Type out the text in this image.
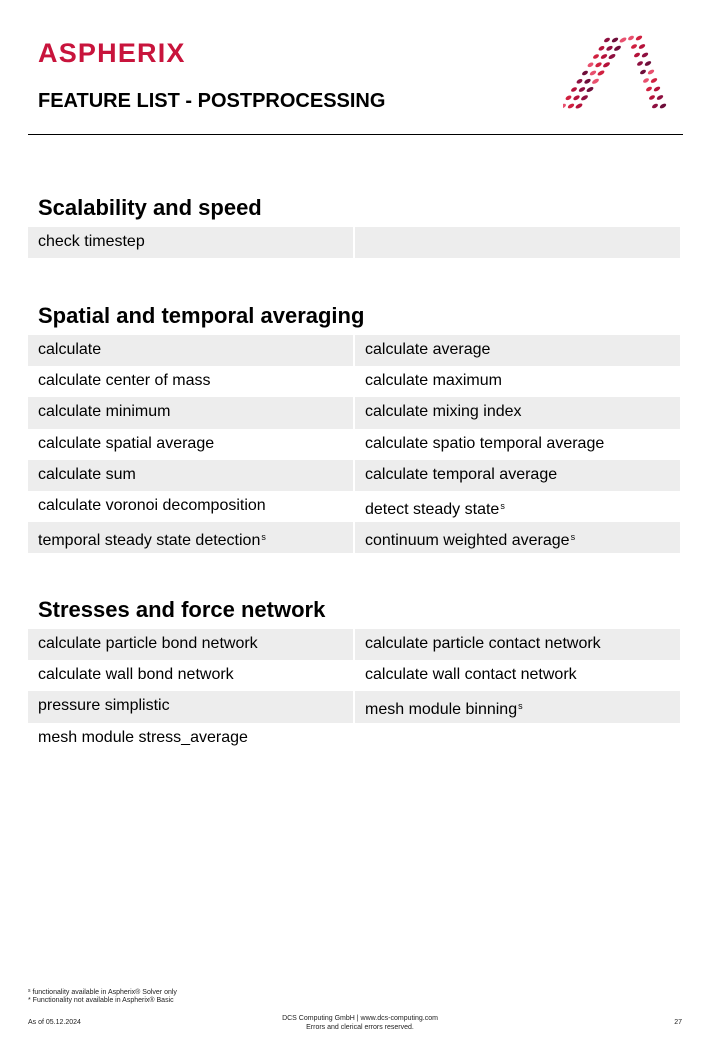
ASPHERIX
FEATURE LIST - POSTPROCESSING
Scalability and speed
check timestep
Spatial and temporal averaging
calculate	calculate average
calculate center of mass	calculate maximum
calculate minimum	calculate mixing index
calculate spatial average	calculate spatio temporal average
calculate sum	calculate temporal average
calculate voronoi decomposition	detect steady state$^s$
temporal steady state detection$^s$	continuum weighted average$^s$
Stresses and force network
calculate particle bond network	calculate particle contact network
calculate wall bond network	calculate wall contact network
pressure simplistic	mesh module binning$^s$
mesh module stress_average
$^s$ functionality available in Aspherix® Solver only
* Functionality not available in Aspherix® Basic
As of 05.12.2024
DCS Computing GmbH | www.dcs-computing.com
Errors and clerical errors reserved.
27
